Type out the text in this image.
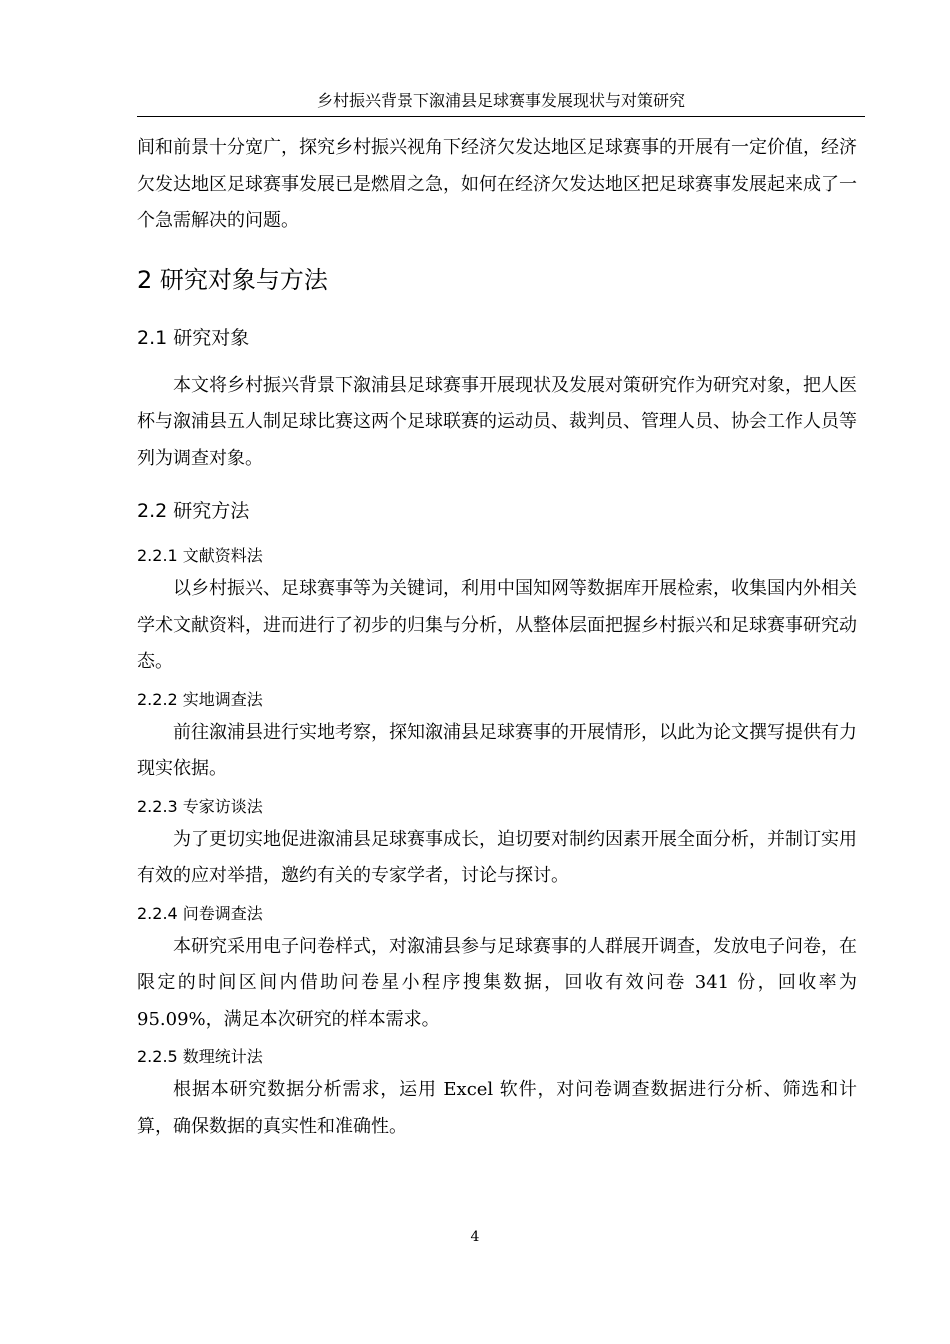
乡村振兴背景下溆浦县足球赛事发展现状与对策研究

间和前景十分宽广，探究乡村振兴视角下经济欠发达地区足球赛事的开展有一定价值，经济欠发达地区足球赛事发展已是燃眉之急，如何在经济欠发达地区把足球赛事发展起来成了一个急需解决的问题。

2 研究对象与方法
2.1 研究对象

本文将乡村振兴背景下溆浦县足球赛事开展现状及发展对策研究作为研究对象，把人医杯与溆浦县五人制足球比赛这两个足球联赛的运动员、裁判员、管理人员、协会工作人员等列为调查对象。

2.2 研究方法
2.2.1 文献资料法

以乡村振兴、足球赛事等为关键词，利用中国知网等数据库开展检索，收集国内外相关学术文献资料，进而进行了初步的归集与分析，从整体层面把握乡村振兴和足球赛事研究动态。

2.2.2 实地调查法

前往溆浦县进行实地考察，探知溆浦县足球赛事的开展情形，以此为论文撰写提供有力现实依据。

2.2.3 专家访谈法

为了更切实地促进溆浦县足球赛事成长，迫切要对制约因素开展全面分析，并制订实用有效的应对举措，邀约有关的专家学者，讨论与探讨。

2.2.4 问卷调查法

本研究采用电子问卷样式，对溆浦县参与足球赛事的人群展开调查，发放电子问卷，在限定的时间区间内借助问卷星小程序搜集数据，回收有效问卷 341 份，回收率为 95.09%，满足本次研究的样本需求。

2.2.5 数理统计法

根据本研究数据分析需求，运用 Excel 软件，对问卷调查数据进行分析、筛选和计算，确保数据的真实性和准确性。

4
